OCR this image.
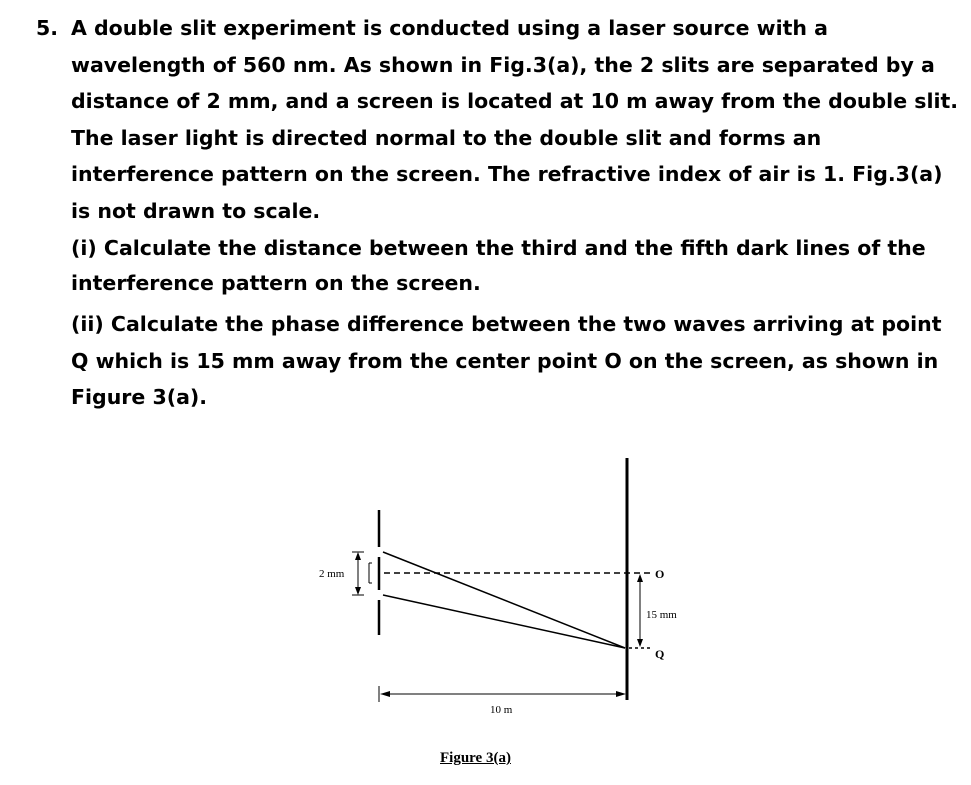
5. A double slit experiment is conducted using a laser source with a wavelength of 560 nm. As shown in Fig.3(a), the 2 slits are separated by a distance of 2 mm, and a screen is located at 10 m away from the double slit. The laser light is directed normal to the double slit and forms an interference pattern on the screen. The refractive index of air is 1. Fig.3(a) is not drawn to scale.

(i) Calculate the distance between the third and the fifth dark lines of the interference pattern on the screen.

(ii) Calculate the phase difference between the two waves arriving at point Q which is 15 mm away from the center point O on the screen, as shown in Figure 3(a).

2 mm	O
15 mm
Q
10 m
Figure 3(a)
